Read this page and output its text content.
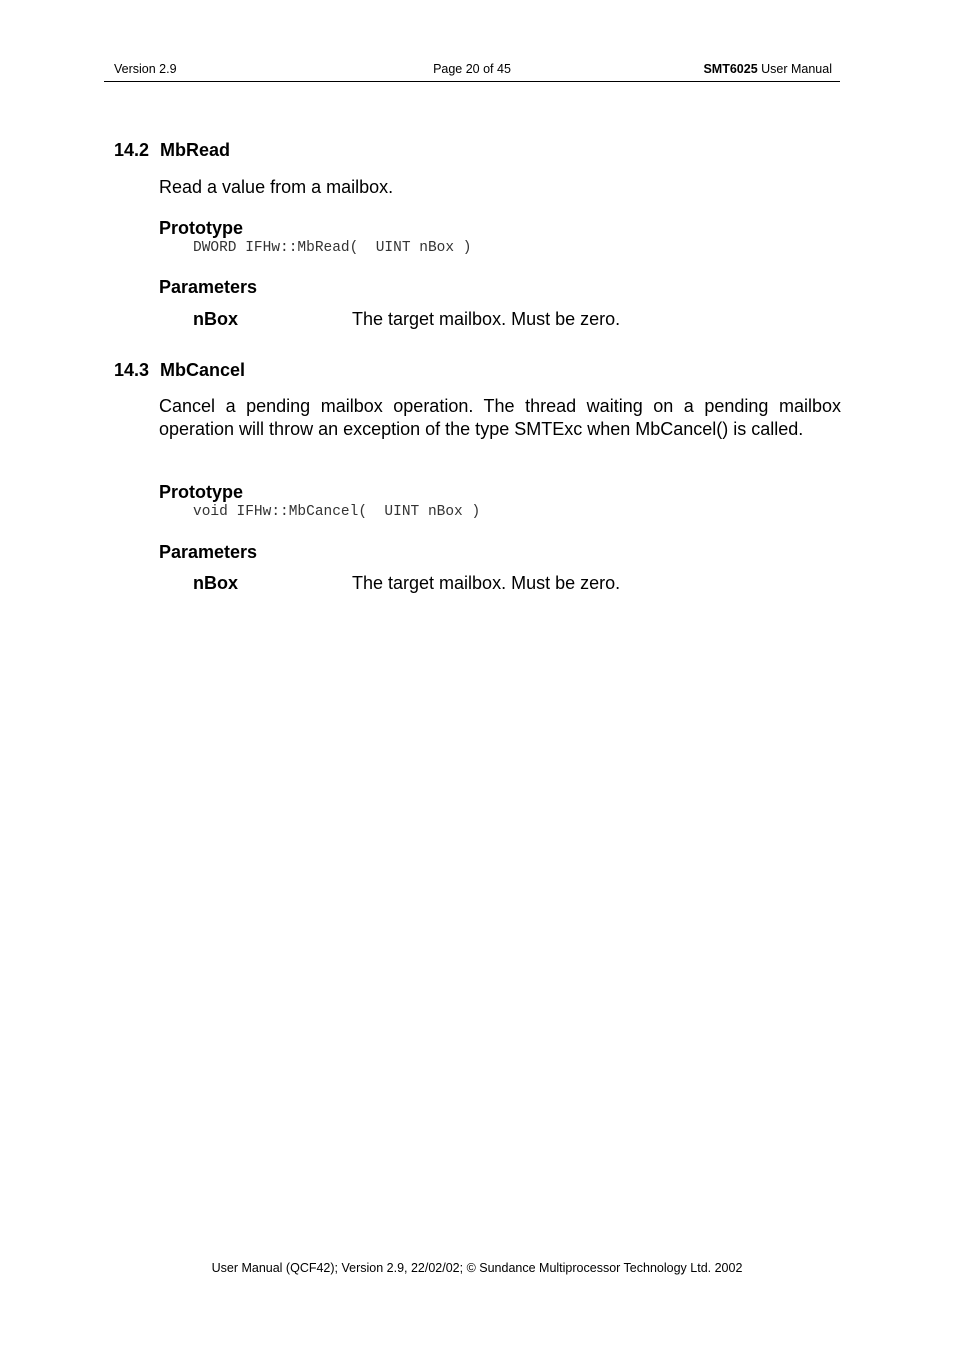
Version 2.9	Page 20 of 45	SMT6025 User Manual
14.2 MbRead
Read a value from a mailbox.
Prototype
DWORD IFHw::MbRead(  UINT nBox )
Parameters
nBox	The target mailbox. Must be zero.
14.3 MbCancel
Cancel a pending mailbox operation. The thread waiting on a pending mailbox operation will throw an exception of the type SMTExc when MbCancel() is called.
Prototype
void IFHw::MbCancel(  UINT nBox )
Parameters
nBox	The target mailbox. Must be zero.
User Manual (QCF42); Version 2.9, 22/02/02; © Sundance Multiprocessor Technology Ltd. 2002
